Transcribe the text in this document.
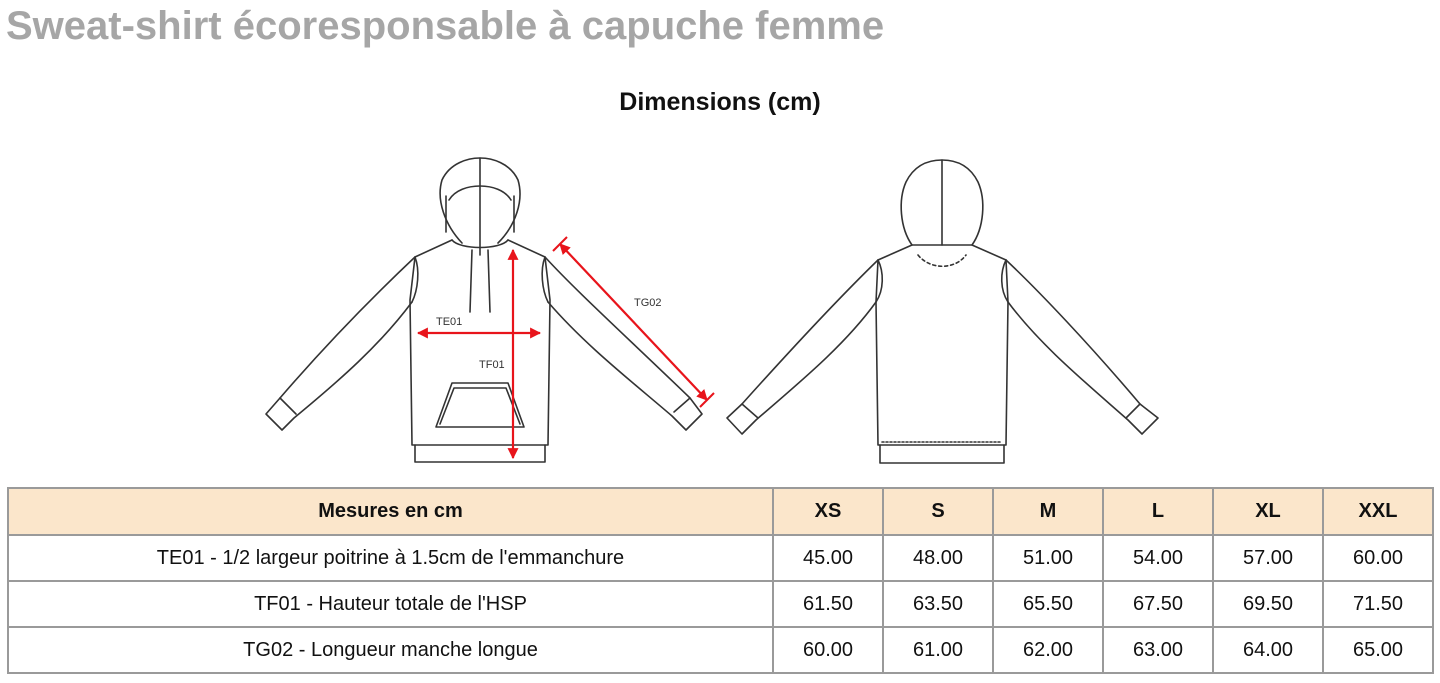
Sweat-shirt écoresponsable à capuche femme
Dimensions (cm)
TE01
TF01
TG02
Mesures en cm	XS	S	M	L	XL	XXL
TE01 - 1/2 largeur poitrine à 1.5cm de l'emmanchure	45.00	48.00	51.00	54.00	57.00	60.00
TF01 - Hauteur totale de l'HSP	61.50	63.50	65.50	67.50	69.50	71.50
TG02 - Longueur manche longue	60.00	61.00	62.00	63.00	64.00	65.00
